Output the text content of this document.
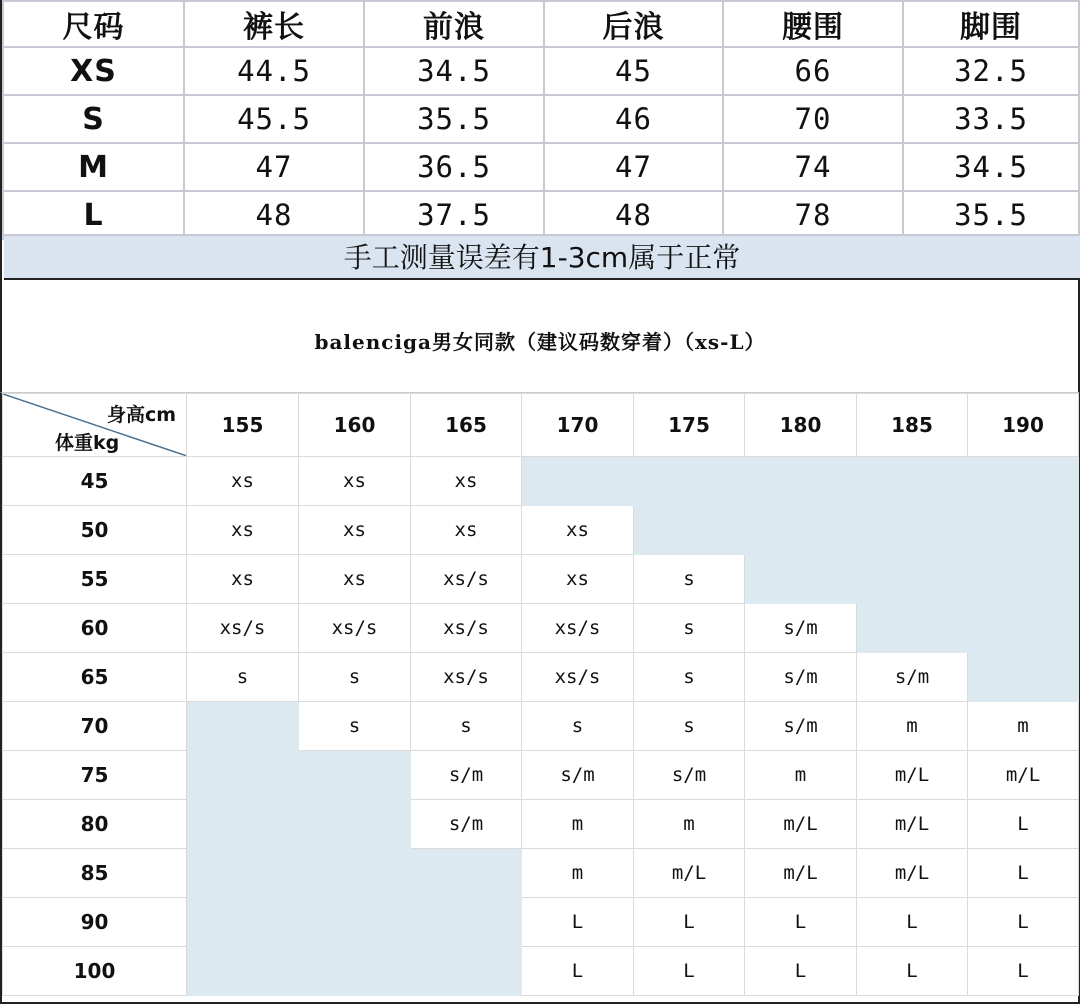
尺码	裤长	前浪	后浪	腰围	脚围
XS	44.5	34.5	45	66	32.5
S	45.5	35.5	46	70	33.5
M	47	36.5	47	74	34.5
L	48	37.5	48	78	35.5
手工测量误差有1-3cm属于正常
balenciga男女同款（建议码数穿着）（xs-L）
身高cm
体重kg	155	160	165	170	175	180	185	190
45	xs	xs	xs					
50	xs	xs	xs	xs				
55	xs	xs	xs/s	xs	s			
60	xs/s	xs/s	xs/s	xs/s	s	s/m		
65	s	s	xs/s	xs/s	s	s/m	s/m	
70		s	s	s	s	s/m	m	m
75			s/m	s/m	s/m	m	m/L	m/L
80			s/m	m	m	m/L	m/L	L
85				m	m/L	m/L	m/L	L
90				L	L	L	L	L
100				L	L	L	L	L
